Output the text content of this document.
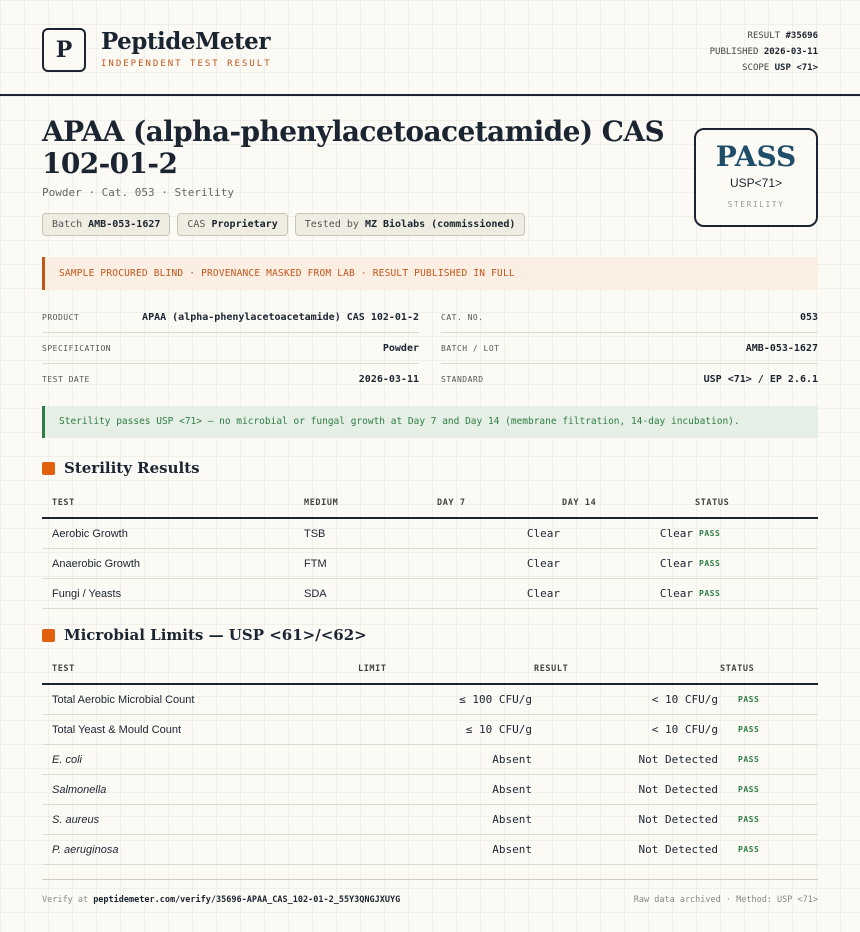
P	PeptideMeter
INDEPENDENT TEST RESULT
RESULT #35696
PUBLISHED 2026-03-11
SCOPE USP <71>
APAA (alpha-phenylacetoacetamide) CAS 102-01-2
Powder · Cat. 053 · Sterility
Batch AMB-053-1627	CAS Proprietary	Tested by MZ Biolabs (commissioned)
PASS
USP<71>
STERILITY
SAMPLE PROCURED BLIND · PROVENANCE MASKED FROM LAB · RESULT PUBLISHED IN FULL
PRODUCT	APAA (alpha-phenylacetoacetamide) CAS 102-01-2
SPECIFICATION	Powder
TEST DATE	2026-03-11
CAT. NO.	053
BATCH / LOT	AMB-053-1627
STANDARD	USP <71> / EP 2.6.1
Sterility passes USP <71> — no microbial or fungal growth at Day 7 and Day 14 (membrane filtration, 14-day incubation).
Sterility Results
TEST	MEDIUM	DAY 7	DAY 14	STATUS
Aerobic Growth	TSB	Clear	Clear	PASS
Anaerobic Growth	FTM	Clear	Clear	PASS
Fungi / Yeasts	SDA	Clear	Clear	PASS
Microbial Limits — USP <61>/<62>
TEST	LIMIT	RESULT	STATUS
Total Aerobic Microbial Count	≤ 100 CFU/g	< 10 CFU/g	PASS
Total Yeast & Mould Count	≤ 10 CFU/g	< 10 CFU/g	PASS
E. coli	Absent	Not Detected	PASS
Salmonella	Absent	Not Detected	PASS
S. aureus	Absent	Not Detected	PASS
P. aeruginosa	Absent	Not Detected	PASS
Verify at peptidemeter.com/verify/35696-APAA_CAS_102-01-2_55Y3QNGJXUYG	Raw data archived · Method: USP <71>
